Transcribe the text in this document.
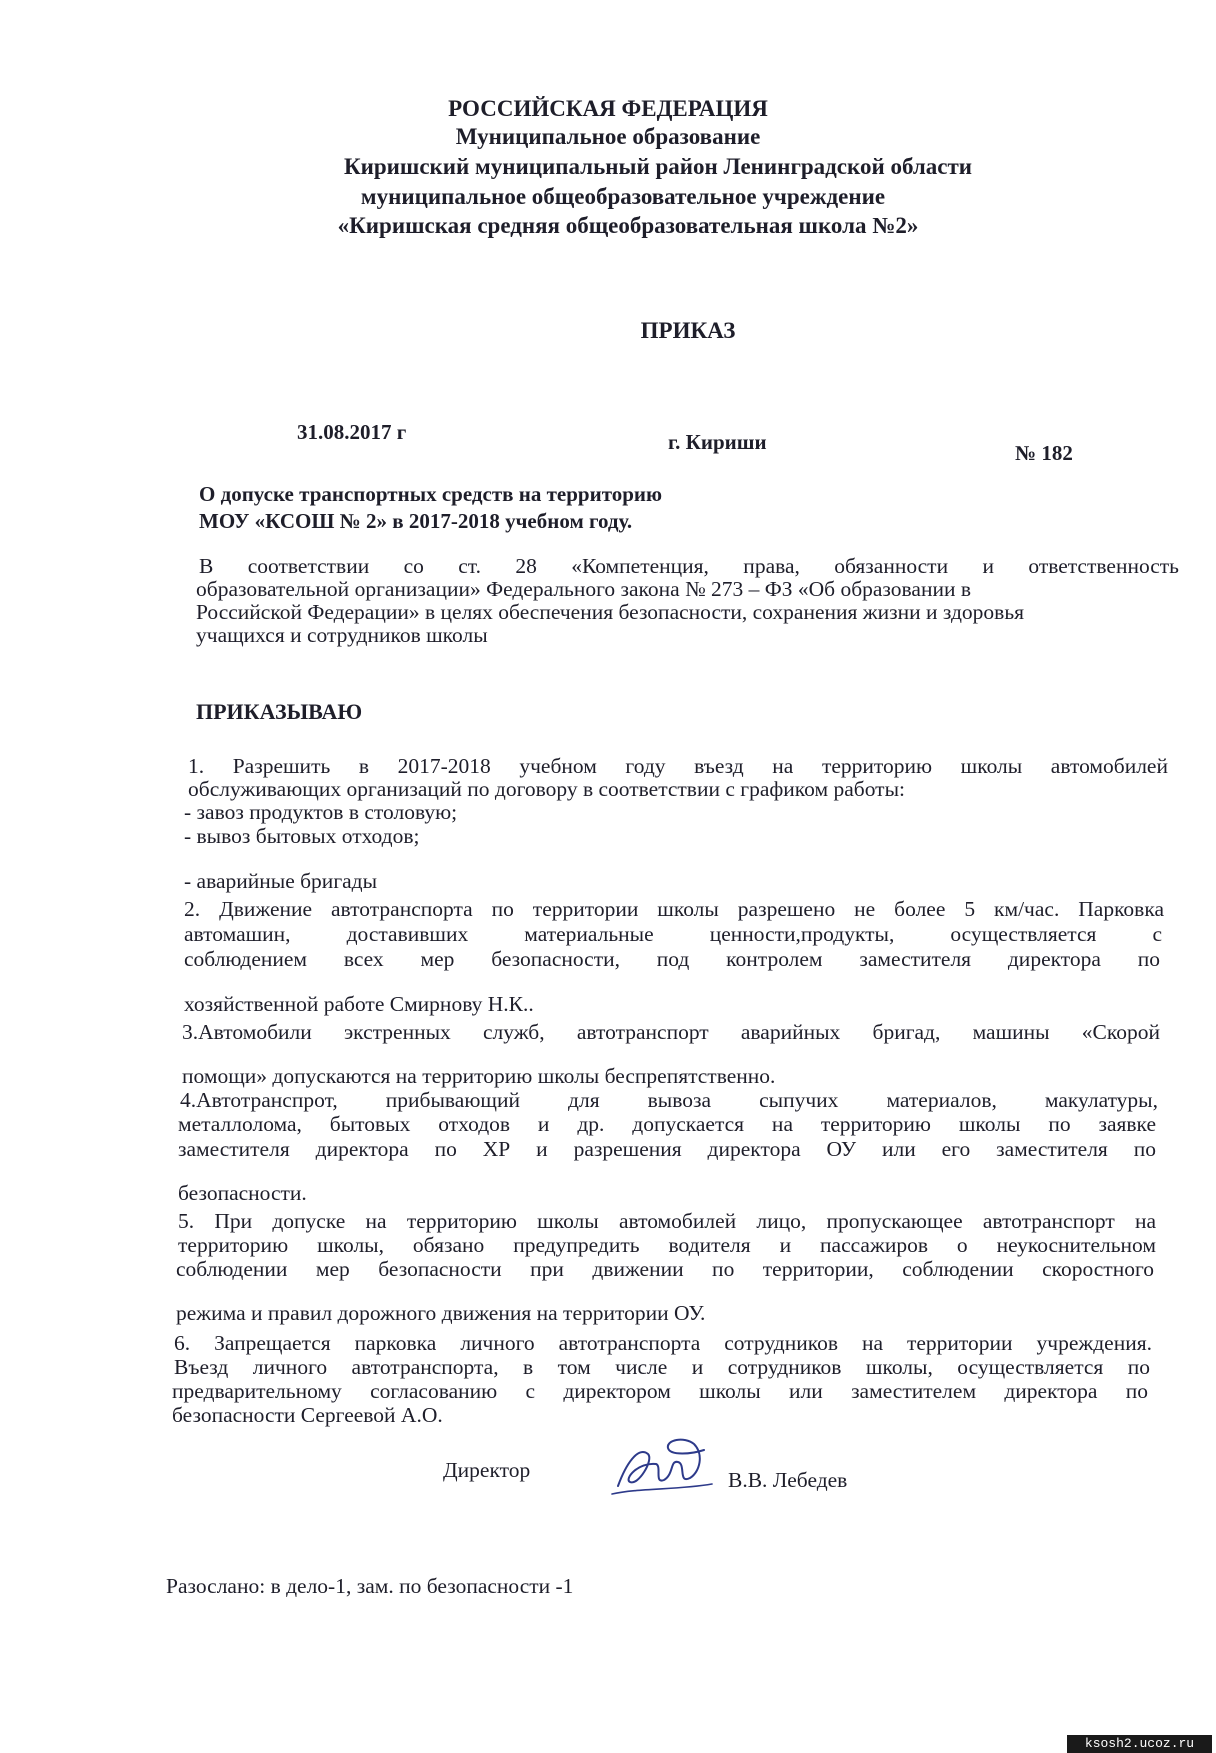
РОССИЙСКАЯ ФЕДЕРАЦИЯ
Муниципальное образование
Киришский муниципальный район Ленинградской области
муниципальное общеобразовательное учреждение
«Киришская средняя общеобразовательная школа №2»
ПРИКАЗ
31.08.2017 г	г. Кириши	№ 182
О допуске транспортных средств на территорию
МОУ «КСОШ № 2» в 2017-2018 учебном году.
В соответствии со ст. 28 «Компетенция, права, обязанности и ответственность
образовательной организации» Федерального закона № 273 – ФЗ «Об образовании в
Российской Федерации» в целях обеспечения безопасности, сохранения жизни и здоровья
учащихся и сотрудников школы
ПРИКАЗЫВАЮ
1. Разрешить в 2017-2018 учебном году въезд на территорию школы автомобилей
обслуживающих организаций по договору в соответствии с графиком работы:
- завоз продуктов в столовую;
- вывоз бытовых отходов;
- аварийные бригады
2. Движение автотранспорта по территории школы разрешено не более 5 км/час. Парковка
автомашин, доставивших материальные ценности,продукты, осуществляется с
соблюдением всех мер безопасности, под контролем заместителя директора по
хозяйственной работе Смирнову Н.К..
3.Автомобили экстренных служб, автотранспорт аварийных бригад, машины «Скорой
помощи» допускаются на территорию школы беспрепятственно.
4.Автотранспрот, прибывающий для вывоза сыпучих материалов, макулатуры,
металлолома, бытовых отходов и др. допускается на территорию школы по заявке
заместителя директора по ХР и разрешения директора ОУ или его заместителя по
безопасности.
5. При допуске на территорию школы автомобилей лицо, пропускающее автотранспорт на
территорию школы, обязано предупредить водителя и пассажиров о неукоснительном
соблюдении мер безопасности при движении по территории, соблюдении скоростного
режима и правил дорожного движения на территории ОУ.
6. Запрещается парковка личного автотранспорта сотрудников на территории учреждения.
Въезд личного автотранспорта, в том числе и сотрудников школы, осуществляется по
предварительному согласованию с директором школы или заместителем директора по
безопасности Сергеевой А.О.
Директор	В.В. Лебедев
Разослано: в дело-1, зам. по безопасности -1
ksosh2.ucoz.ru
